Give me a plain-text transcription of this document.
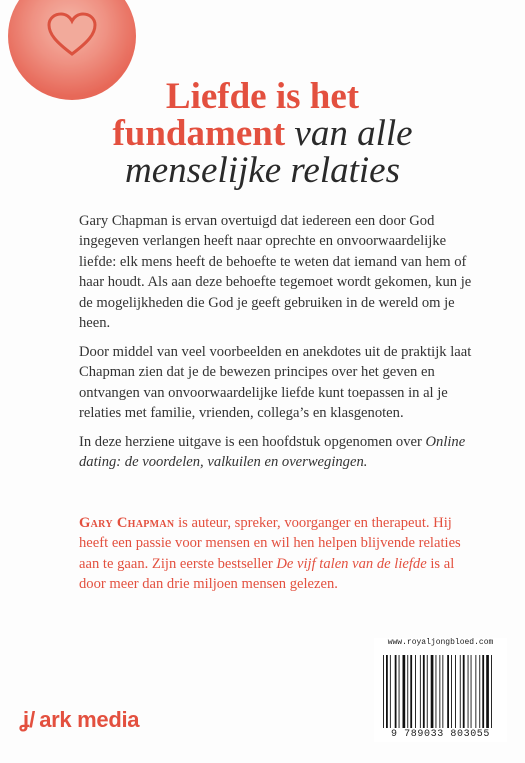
Liefde is het
fundament van alle
menselijke relaties
Gary Chapman is ervan overtuigd dat iedereen een door God ingegeven verlangen heeft naar oprechte en onvoorwaardelijke liefde: elk mens heeft de behoefte te weten dat iemand van hem of haar houdt. Als aan deze behoefte tegemoet wordt gekomen, kun je de mogelijkheden die God je geeft gebruiken in de wereld om je heen.
Door middel van veel voorbeelden en anekdotes uit de praktijk laat Chapman zien dat je de bewezen principes over het geven en ontvangen van onvoorwaardelijke liefde kunt toepassen in al je relaties met familie, vrienden, collega’s en klasgenoten.
In deze herziene uitgave is een hoofdstuk opgenomen over Online dating: de voordelen, valkuilen en overwegingen.
Gary Chapman is auteur, spreker, voorganger en therapeut. Hij heeft een passie voor mensen en wil hen helpen blijvende relaties aan te gaan. Zijn eerste bestseller De vijf talen van de liefde is al door meer dan drie miljoen mensen gelezen.
ʝ/ ark media
www.royaljongbloed.com
9 789033 803055
